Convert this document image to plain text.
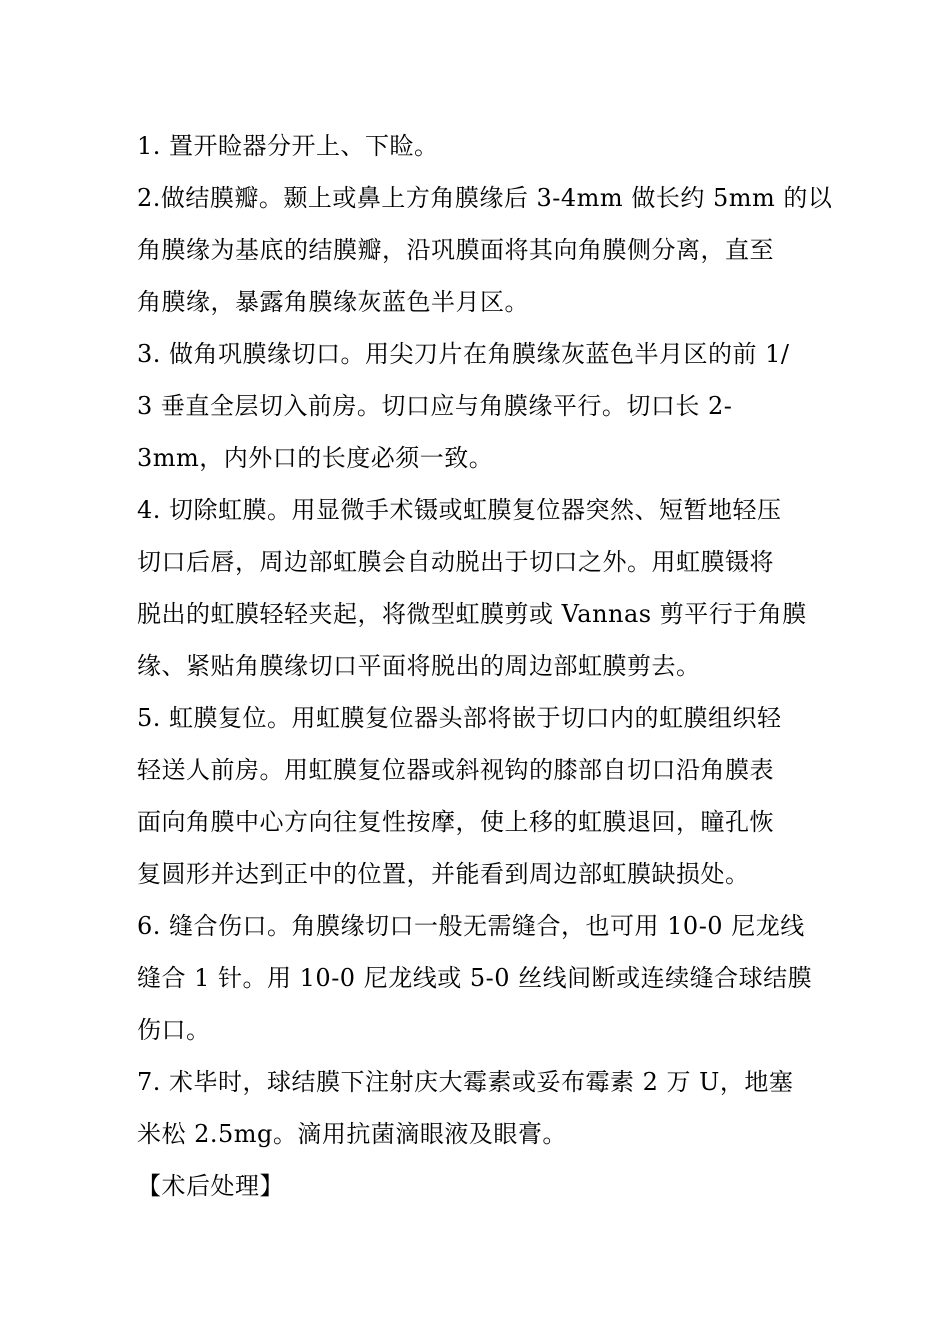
1. 置开睑器分开上、下睑。
2.做结膜瓣。颞上或鼻上方角膜缘后 3-4mm 做长约 5mm 的以
角膜缘为基底的结膜瓣，沿巩膜面将其向角膜侧分离，直至
角膜缘，暴露角膜缘灰蓝色半月区。
3. 做角巩膜缘切口。用尖刀片在角膜缘灰蓝色半月区的前 1/
3 垂直全层切入前房。切口应与角膜缘平行。切口长 2-
3mm，内外口的长度必须一致。
4. 切除虹膜。用显微手术镊或虹膜复位器突然、短暂地轻压
切口后唇，周边部虹膜会自动脱出于切口之外。用虹膜镊将
脱出的虹膜轻轻夹起，将微型虹膜剪或 Vannas 剪平行于角膜
缘、紧贴角膜缘切口平面将脱出的周边部虹膜剪去。
5. 虹膜复位。用虹膜复位器头部将嵌于切口内的虹膜组织轻
轻送人前房。用虹膜复位器或斜视钩的膝部自切口沿角膜表
面向角膜中心方向往复性按摩，使上移的虹膜退回，瞳孔恢
复圆形并达到正中的位置，并能看到周边部虹膜缺损处。
6. 缝合伤口。角膜缘切口一般无需缝合，也可用 10-0 尼龙线
缝合 1 针。用 10-0 尼龙线或 5-0 丝线间断或连续缝合球结膜
伤口。
7. 术毕时，球结膜下注射庆大霉素或妥布霉素 2 万 U，地塞
米松 2.5mg。滴用抗菌滴眼液及眼膏。
【术后处理】
